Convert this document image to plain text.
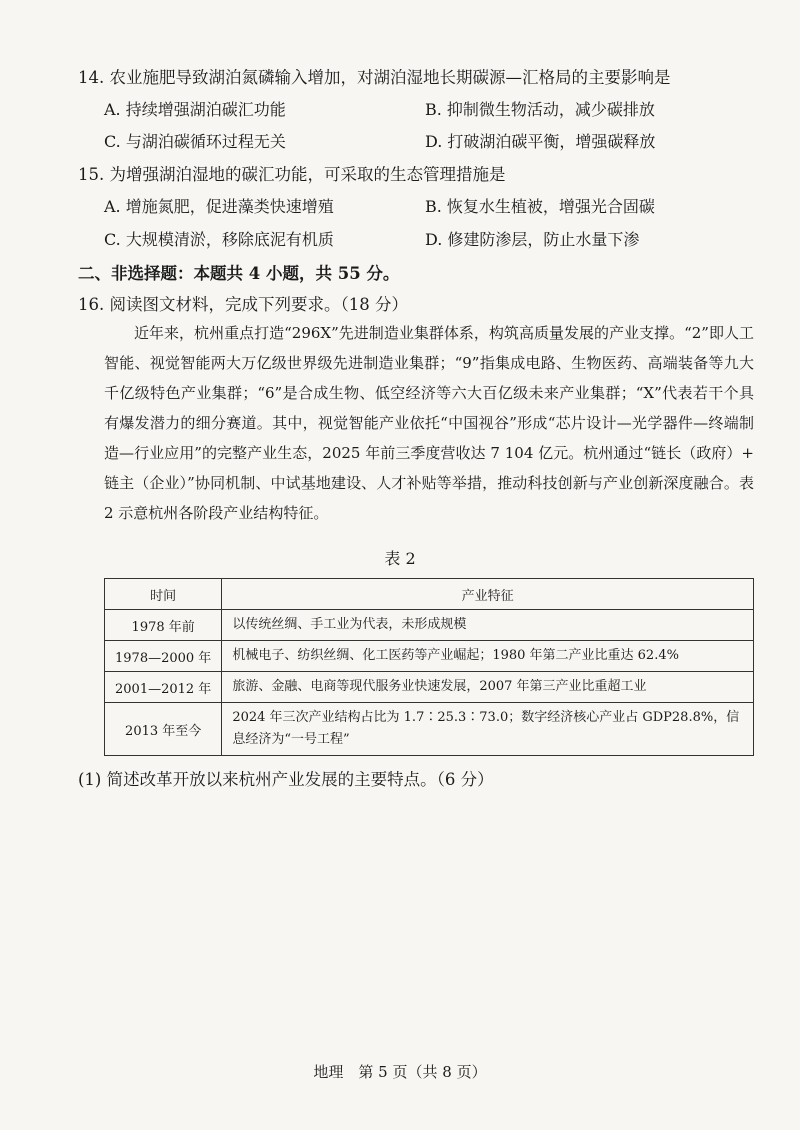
14. 农业施肥导致湖泊氮磷输入增加，对湖泊湿地长期碳源—汇格局的主要影响是
A. 持续增强湖泊碳汇功能	B. 抑制微生物活动，减少碳排放
C. 与湖泊碳循环过程无关	D. 打破湖泊碳平衡，增强碳释放
15. 为增强湖泊湿地的碳汇功能，可采取的生态管理措施是
A. 增施氮肥，促进藻类快速增殖	B. 恢复水生植被，增强光合固碳
C. 大规模清淤，移除底泥有机质	D. 修建防渗层，防止水量下渗
二、非选择题：本题共 4 小题，共 55 分。
16. 阅读图文材料，完成下列要求。（18 分）
近年来，杭州重点打造“296X”先进制造业集群体系，构筑高质量发展的产业支撑。“2”即人工智能、视觉智能两大万亿级世界级先进制造业集群；“9”指集成电路、生物医药、高端装备等九大千亿级特色产业集群；“6”是合成生物、低空经济等六大百亿级未来产业集群；“X”代表若干个具有爆发潜力的细分赛道。其中，视觉智能产业依托“中国视谷”形成“芯片设计—光学器件—终端制造—行业应用”的完整产业生态，2025 年前三季度营收达 7 104 亿元。杭州通过“链长（政府）+ 链主（企业）”协同机制、中试基地建设、人才补贴等举措，推动科技创新与产业创新深度融合。表 2 示意杭州各阶段产业结构特征。
表 2
时间	产业特征
1978 年前	以传统丝绸、手工业为代表，未形成规模
1978—2000 年	机械电子、纺织丝绸、化工医药等产业崛起；1980 年第二产业比重达 62.4%
2001—2012 年	旅游、金融、电商等现代服务业快速发展，2007 年第三产业比重超工业
2013 年至今	2024 年三次产业结构占比为 1.7∶25.3∶73.0；数字经济核心产业占 GDP28.8%，信息经济为“一号工程”
(1) 简述改革开放以来杭州产业发展的主要特点。（6 分）
地理　第 5 页（共 8 页）
